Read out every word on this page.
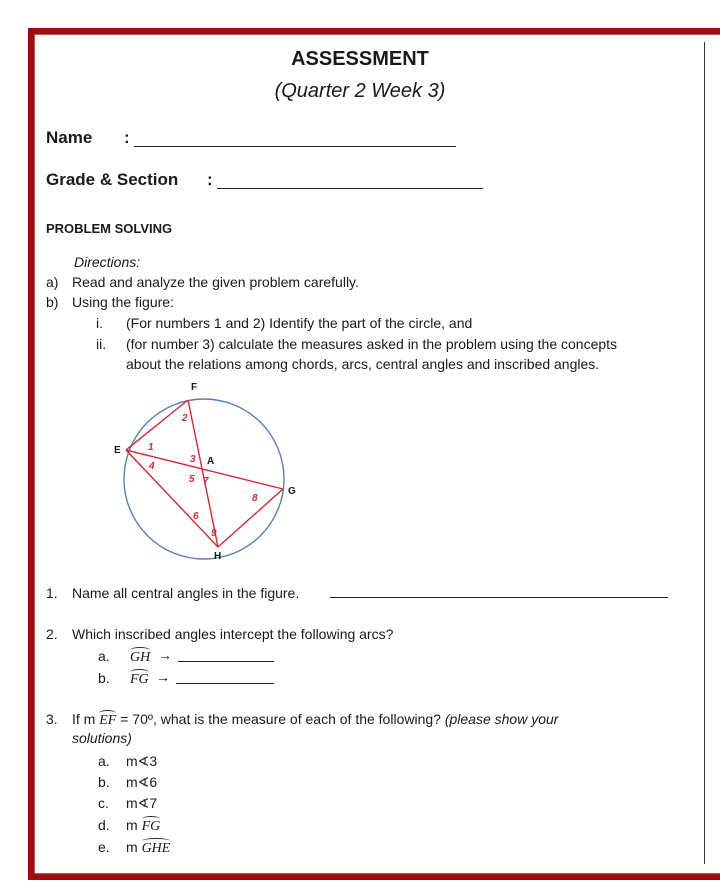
ASSESSMENT
(Quarter 2 Week 3)
Name :
Grade & Section :
PROBLEM SOLVING
Directions:
a) Read and analyze the given problem carefully.
b) Using the figure:
i. (For numbers 1 and 2) Identify the part of the circle, and
ii. (for number 3) calculate the measures asked in the problem using the concepts
about the relations among chords, arcs, central angles and inscribed angles.
F
E
A
G
H
1
2
3
4
5
6
7
8
9
1. Name all central angles in the figure.
2. Which inscribed angles intercept the following arcs?
a. GH →
b. FG →
3. If m EF = 70º, what is the measure of each of the following? (please show your
solutions)
a. m∢3
b. m∢6
c. m∢7
d. m FG
e. m GHE
